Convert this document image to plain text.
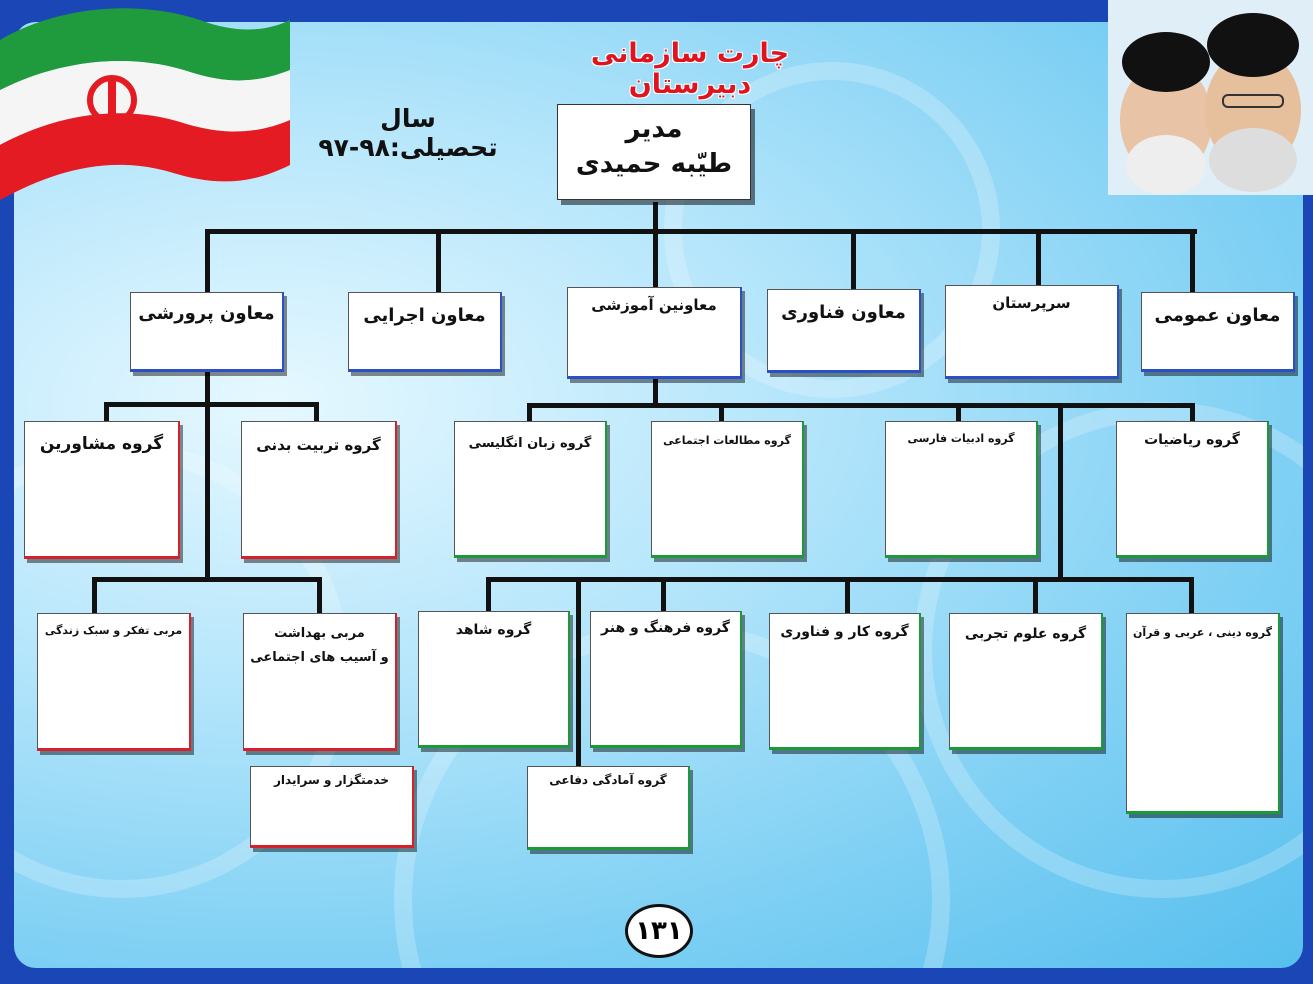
چارت سازمانی دبیرستان
سال تحصیلی:۹۸-۹۷
مدیر
طیّبه حمیدی
معاون پرورشی	معاون اجرایی	معاونین آموزشی	معاون فناوری	سرپرستان
معاون عمومی
گروه مشاورین	گروه تربیت بدنی
مربی تفکر و سبک زندگی	مربی بهداشت
و آسیب های اجتماعی
خدمتگزار و سرایدار
گروه زبان انگلیسی	گروه مطالعات اجتماعی	گروه ادبیات فارسی	گروه ریاضیات
گروه شاهد	گروه فرهنگ و هنر	گروه کار و فناوری	گروه علوم تجربی	گروه دینی ، عربی و قرآن
گروه آمادگی دفاعی
۱۳۱
